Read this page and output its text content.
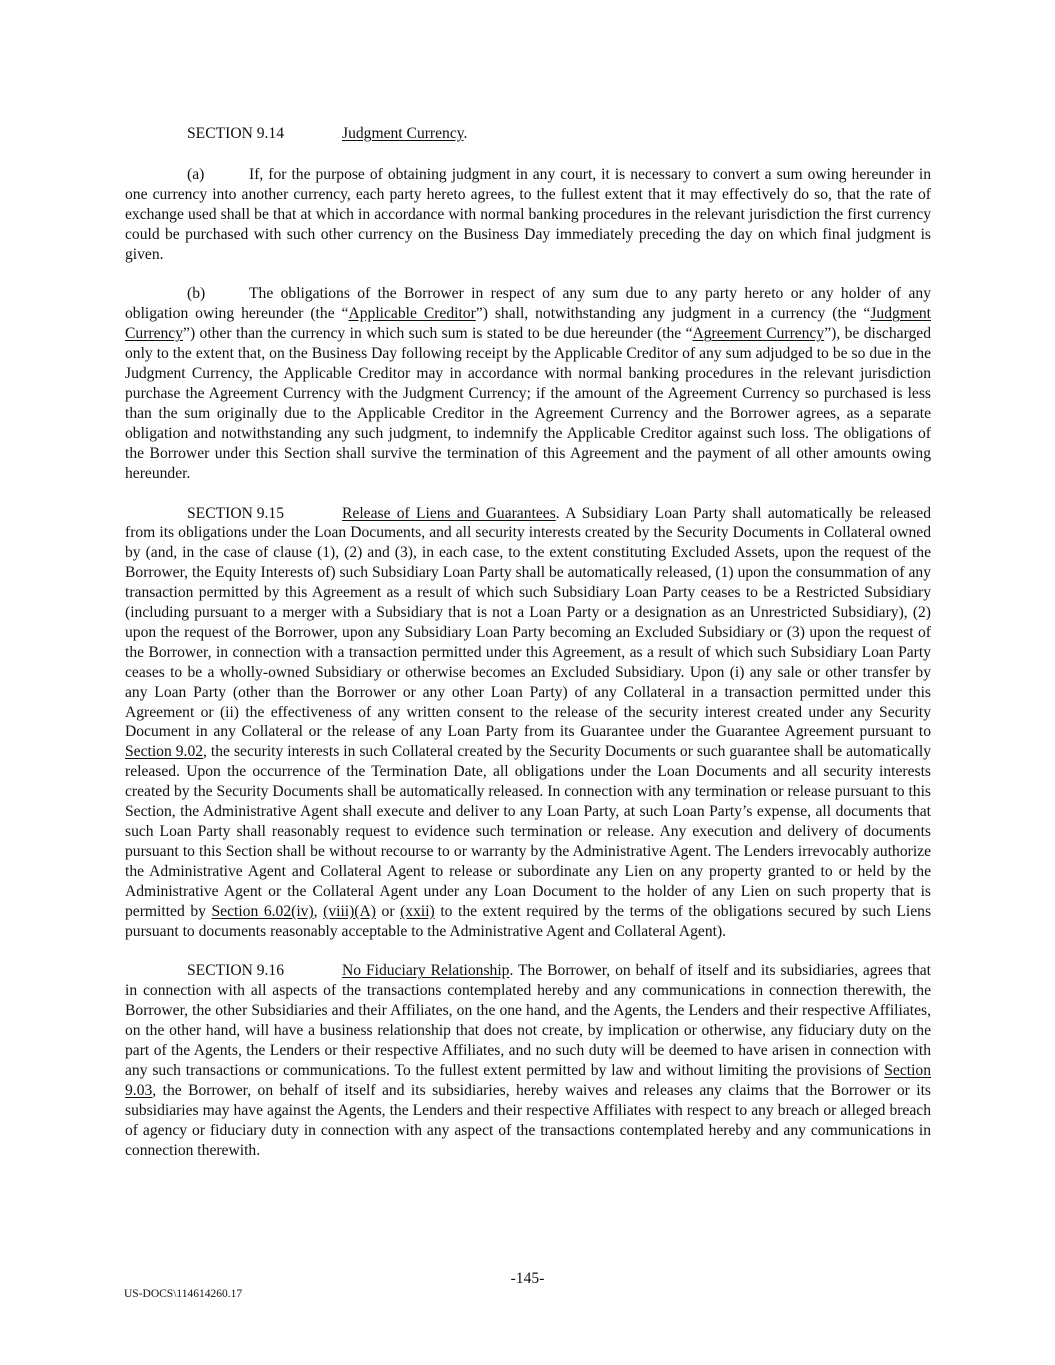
SECTION 9.14	Judgment Currency.

(a)	If, for the purpose of obtaining judgment in any court, it is necessary to convert a sum owing hereunder in one currency into another currency, each party hereto agrees, to the fullest extent that it may effectively do so, that the rate of exchange used shall be that at which in accordance with normal banking procedures in the relevant jurisdiction the first currency could be purchased with such other currency on the Business Day immediately preceding the day on which final judgment is given.

(b)	The obligations of the Borrower in respect of any sum due to any party hereto or any holder of any obligation owing hereunder (the “Applicable Creditor”) shall, notwithstanding any judgment in a currency (the “Judgment Currency”) other than the currency in which such sum is stated to be due hereunder (the “Agreement Currency”), be discharged only to the extent that, on the Business Day following receipt by the Applicable Creditor of any sum adjudged to be so due in the Judgment Currency, the Applicable Creditor may in accordance with normal banking procedures in the relevant jurisdiction purchase the Agreement Currency with the Judgment Currency; if the amount of the Agreement Currency so purchased is less than the sum originally due to the Applicable Creditor in the Agreement Currency and the Borrower agrees, as a separate obligation and notwithstanding any such judgment, to indemnify the Applicable Creditor against such loss. The obligations of the Borrower under this Section shall survive the termination of this Agreement and the payment of all other amounts owing hereunder.

SECTION 9.15	Release of Liens and Guarantees. A Subsidiary Loan Party shall automatically be released from its obligations under the Loan Documents, and all security interests created by the Security Documents in Collateral owned by (and, in the case of clause (1), (2) and (3), in each case, to the extent constituting Excluded Assets, upon the request of the Borrower, the Equity Interests of) such Subsidiary Loan Party shall be automatically released, (1) upon the consummation of any transaction permitted by this Agreement as a result of which such Subsidiary Loan Party ceases to be a Restricted Subsidiary (including pursuant to a merger with a Subsidiary that is not a Loan Party or a designation as an Unrestricted Subsidiary), (2) upon the request of the Borrower, upon any Subsidiary Loan Party becoming an Excluded Subsidiary or (3) upon the request of the Borrower, in connection with a transaction permitted under this Agreement, as a result of which such Subsidiary Loan Party ceases to be a wholly-owned Subsidiary or otherwise becomes an Excluded Subsidiary. Upon (i) any sale or other transfer by any Loan Party (other than the Borrower or any other Loan Party) of any Collateral in a transaction permitted under this Agreement or (ii) the effectiveness of any written consent to the release of the security interest created under any Security Document in any Collateral or the release of any Loan Party from its Guarantee under the Guarantee Agreement pursuant to Section 9.02, the security interests in such Collateral created by the Security Documents or such guarantee shall be automatically released. Upon the occurrence of the Termination Date, all obligations under the Loan Documents and all security interests created by the Security Documents shall be automatically released. In connection with any termination or release pursuant to this Section, the Administrative Agent shall execute and deliver to any Loan Party, at such Loan Party’s expense, all documents that such Loan Party shall reasonably request to evidence such termination or release. Any execution and delivery of documents pursuant to this Section shall be without recourse to or warranty by the Administrative Agent. The Lenders irrevocably authorize the Administrative Agent and Collateral Agent to release or subordinate any Lien on any property granted to or held by the Administrative Agent or the Collateral Agent under any Loan Document to the holder of any Lien on such property that is permitted by Section 6.02(iv), (viii)(A) or (xxii) to the extent required by the terms of the obligations secured by such Liens pursuant to documents reasonably acceptable to the Administrative Agent and Collateral Agent).

SECTION 9.16	No Fiduciary Relationship. The Borrower, on behalf of itself and its subsidiaries, agrees that in connection with all aspects of the transactions contemplated hereby and any communications in connection therewith, the Borrower, the other Subsidiaries and their Affiliates, on the one hand, and the Agents, the Lenders and their respective Affiliates, on the other hand, will have a business relationship that does not create, by implication or otherwise, any fiduciary duty on the part of the Agents, the Lenders or their respective Affiliates, and no such duty will be deemed to have arisen in connection with any such transactions or communications. To the fullest extent permitted by law and without limiting the provisions of Section 9.03, the Borrower, on behalf of itself and its subsidiaries, hereby waives and releases any claims that the Borrower or its subsidiaries may have against the Agents, the Lenders and their respective Affiliates with respect to any breach or alleged breach of agency or fiduciary duty in connection with any aspect of the transactions contemplated hereby and any communications in connection therewith.

-145-
US-DOCS\114614260.17
